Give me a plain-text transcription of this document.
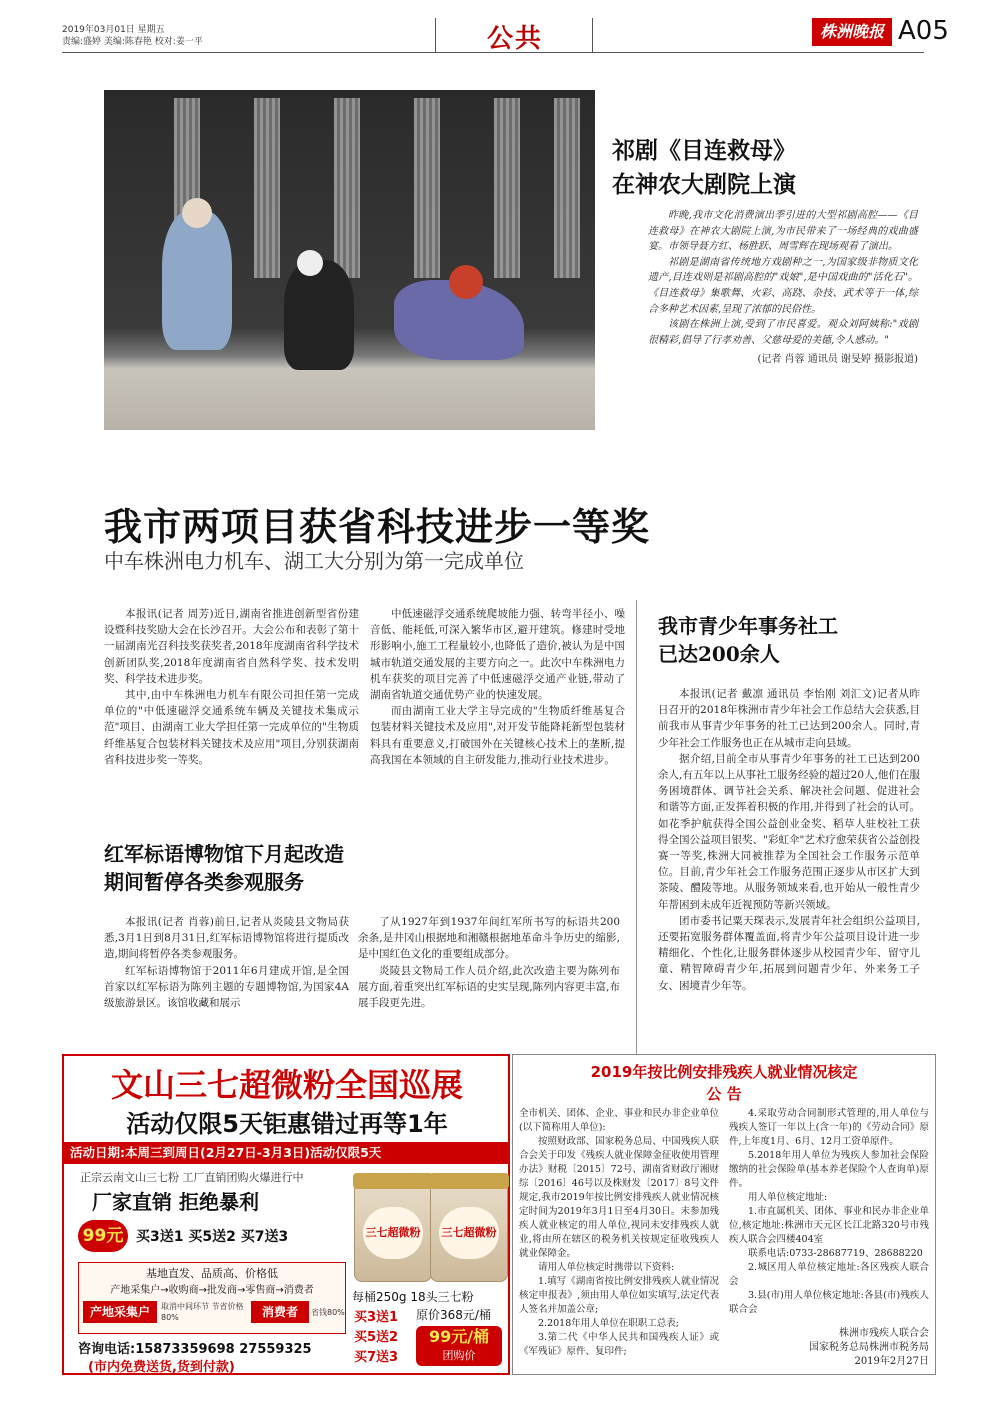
2019年03月01日 星期五
责编:盛婷 美编:陈春艳 校对:姜一平	公共	株洲晚报 A05
祁剧《目连救母》
在神农大剧院上演

昨晚,我市文化消费演出季引进的大型祁剧高腔——《目连救母》在神农大剧院上演,为市民带来了一场经典的戏曲盛宴。市领导聂方红、杨胜跃、周雪辉在现场观看了演出。

祁剧是湖南省传统地方戏剧种之一,为国家级非物质文化遗产,目连戏则是祁剧高腔的"戏娘",是中国戏曲的"活化石"。《目连救母》集歌舞、火彩、高跷、杂技、武术等于一体,综合多种艺术因素,呈现了浓郁的民俗性。

该剧在株洲上演,受到了市民喜爱。观众刘阿姨称:"戏剧很精彩,倡导了行孝劝善、父慈母爱的美德,令人感动。"

(记者 肖蓉 通讯员 谢旻婷 摄影报道)

我市两项目获省科技进步一等奖
中车株洲电力机车、湖工大分别为第一完成单位

本报讯(记者 周芳)近日,湖南省推进创新型省份建设暨科技奖励大会在长沙召开。大会公布和表彰了第十一届湖南光召科技奖获奖者,2018年度湖南省科学技术创新团队奖,2018年度湖南省自然科学奖、技术发明奖、科学技术进步奖。

其中,由中车株洲电力机车有限公司担任第一完成单位的"中低速磁浮交通系统车辆及关键技术集成示范"项目、由湖南工业大学担任第一完成单位的"生物质纤维基复合包装材料关键技术及应用"项目,分别获湖南省科技进步奖一等奖。

中低速磁浮交通系统爬坡能力强、转弯半径小、噪音低、能耗低,可深入繁华市区,避开建筑。修建时受地形影响小,施工工程量较小,也降低了造价,被认为是中国城市轨道交通发展的主要方向之一。此次中车株洲电力机车获奖的项目完善了中低速磁浮交通产业链,带动了湖南省轨道交通优势产业的快速发展。

而由湖南工业大学主导完成的"生物质纤维基复合包装材料关键技术及应用",对开发节能降耗新型包装材料具有重要意义,打破国外在关键核心技术上的垄断,提高我国在本领域的自主研发能力,推动行业技术进步。

我市青少年事务社工
已达200余人

本报讯(记者 戴凛 通讯员 李怡刚 刘汇文)记者从昨日召开的2018年株洲市青少年社会工作总结大会获悉,目前我市从事青少年事务的社工已达到200余人。同时,青少年社会工作服务也正在从城市走向县域。

据介绍,目前全市从事青少年事务的社工已达到200余人,有五年以上从事社工服务经验的超过20人,他们在服务困境群体、调节社会关系、解决社会问题、促进社会和谐等方面,正发挥着积极的作用,并得到了社会的认可。如花季护航获得全国公益创业金奖、稻草人驻校社工获得全国公益项目银奖、"彩虹伞"艺术疗愈荣获省公益创投赛一等奖,株洲大同被推荐为全国社会工作服务示范单位。目前,青少年社会工作服务范围正逐步从市区扩大到茶陵、醴陵等地。从服务领域来看,也开始从一般性青少年帮困到未成年近视预防等新兴领域。

团市委书记粟天琛表示,发展青年社会组织公益项目,还要拓宽服务群体覆盖面,将青少年公益项目设计进一步精细化、个性化,让服务群体逐步从校园青少年、留守儿童、精智障碍青少年,拓展到问题青少年、外来务工子女、困境青少年等。

红军标语博物馆下月起改造
期间暂停各类参观服务

本报讯(记者 肖蓉)前日,记者从炎陵县文物局获悉,3月1日到8月31日,红军标语博物馆将进行提质改造,期间将暂停各类参观服务。

红军标语博物馆于2011年6月建成开馆,是全国首家以红军标语为陈列主题的专题博物馆,为国家4A级旅游景区。该馆收藏和展示

了从1927年到1937年间红军所书写的标语共200余条,是井冈山根据地和湘赣根据地革命斗争历史的缩影,是中国红色文化的重要组成部分。

炎陵县文物局工作人员介绍,此次改造主要为陈列布展方面,着重突出红军标语的史实呈现,陈列内容更丰富,布展手段更先进。

文山三七超微粉全国巡展
活动仅限5天钜惠错过再等1年
活动日期:本周三到周日(2月27日-3月3日)活动仅限5天
正宗云南文山三七粉 工厂直销团购火爆进行中
厂家直销 拒绝暴利
99元 买3送1 买5送2 买7送3
基地直发、品质高、价格低
产地采集户→收购商→批发商→零售商→消费者
产地采集户	取消中间环节 节省价格80%	消费者	省钱80%
三七超微粉 三七超微粉
每桶250g 18头三七粉
原价368元/桶
买3送1
买5送2
买7送3
99元/桶
团购价
咨询电话:15873359698 27559325
(市内免费送货,货到付款)
2019年按比例安排残疾人就业情况核定
公 告

全市机关、团体、企业、事业和民办非企业单位(以下简称用人单位):

按照财政部、国家税务总局、中国残疾人联合会关于印发《残疾人就业保障金征收使用管理办法》财税〔2015〕72号、湖南省财政厅湘财综〔2016〕46号以及株财发〔2017〕8号文件规定,我市2019年按比例安排残疾人就业情况核定时间为2019年3月1日至4月30日。未参加残疾人就业核定的用人单位,视同未安排残疾人就业,将由所在辖区的税务机关按规定征收残疾人就业保障金。

请用人单位核定时携带以下资料:

1.填写《湖南省按比例安排残疾人就业情况核定申报表》,须由用人单位如实填写,法定代表人签名并加盖公章;

2.2018年用人单位在职职工总表;

3.第二代《中华人民共和国残疾人证》或《军残证》原件、复印件;

4.采取劳动合同制形式管理的,用人单位与残疾人签订一年以上(含一年)的《劳动合同》原件,上年度1月、6月、12月工资单原件。

5.2018年用人单位为残疾人参加社会保险缴纳的社会保险单(基本养老保险个人查询单)原件。

用人单位核定地址:

1.市直属机关、团体、事业和民办非企业单位,核定地址:株洲市天元区长江北路320号市残疾人联合会四楼404室

联系电话:0733-28687719、28688220

2.城区用人单位核定地址:各区残疾人联合会

3.县(市)用人单位核定地址:各县(市)残疾人联合会

株洲市残疾人联合会
国家税务总局株洲市税务局
2019年2月27日
